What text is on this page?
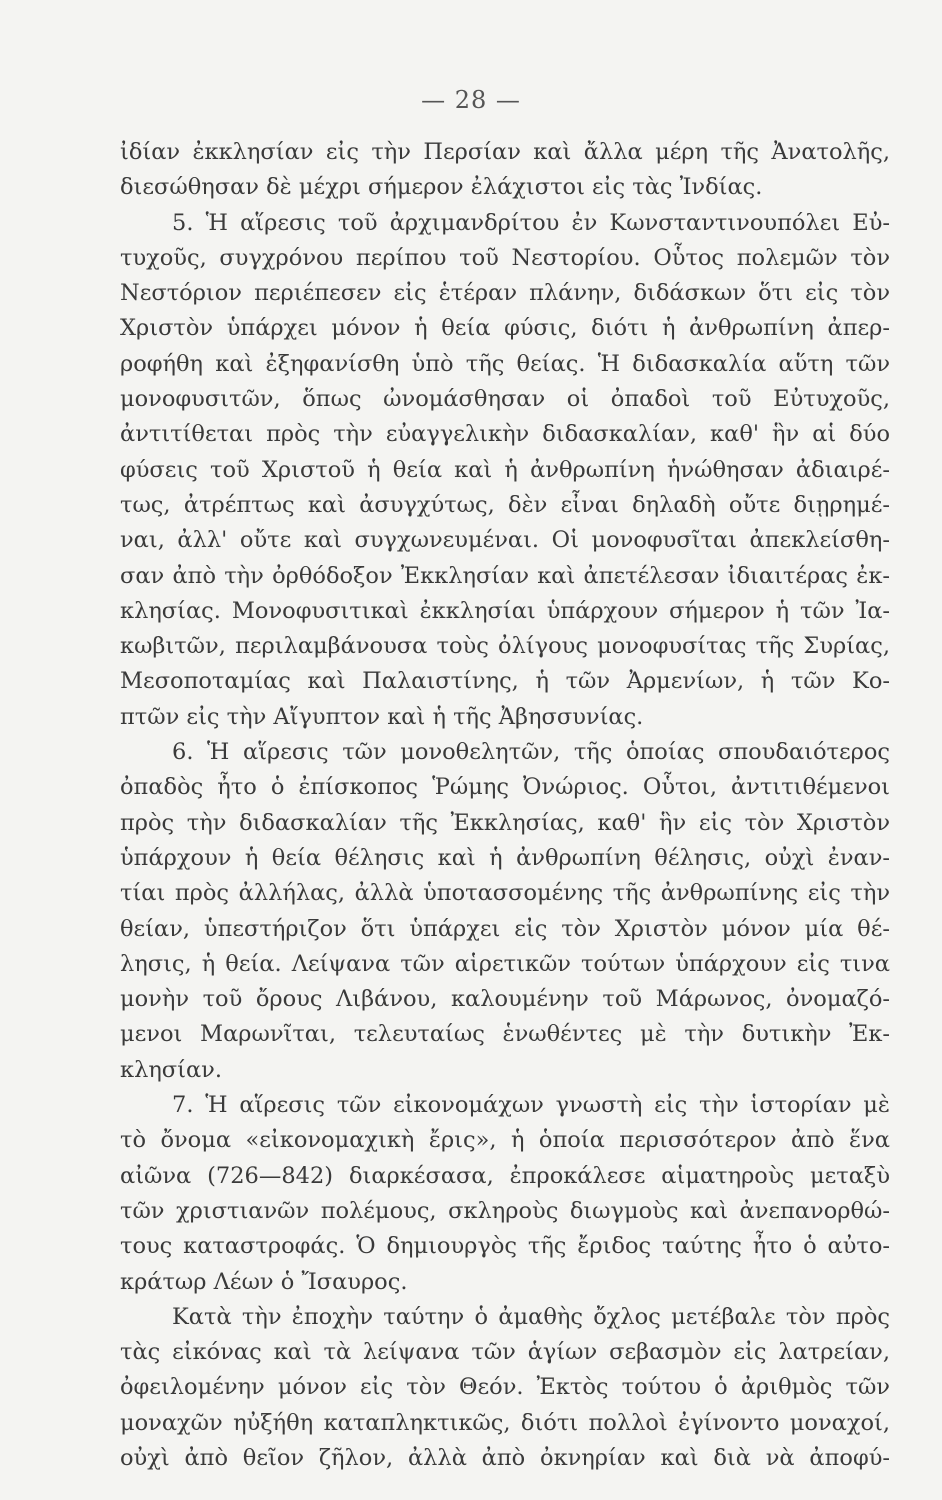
— 28 —
ἰδίαν ἐκκλησίαν εἰς τὴν Περσίαν καὶ ἄλλα μέρη τῆς Ἀνατολῆς,
διεσώθησαν δὲ μέχρι σήμερον ἐλάχιστοι εἰς τὰς Ἰνδίας.
5. Ἡ αἵρεσις τοῦ ἀρχιμανδρίτου ἐν Κωνσταντινουπόλει Εὐ-
τυχοῦς, συγχρόνου περίπου τοῦ Νεστορίου. Οὗτος πολεμῶν τὸν
Νεστόριον περιέπεσεν εἰς ἑτέραν πλάνην, διδάσκων ὅτι εἰς τὸν
Χριστὸν ὑπάρχει μόνον ἡ θεία φύσις, διότι ἡ ἀνθρωπίνη ἀπερ-
ροφήθη καὶ ἐξηφανίσθη ὑπὸ τῆς θείας. Ἡ διδασκαλία αὕτη τῶν
μονοφυσιτῶν, ὅπως ὠνομάσθησαν οἱ ὀπαδοὶ τοῦ Εὐτυχοῦς,
ἀντιτίθεται πρὸς τὴν εὐαγγελικὴν διδασκαλίαν, καθ' ἣν αἱ δύο
φύσεις τοῦ Χριστοῦ ἡ θεία καὶ ἡ ἀνθρωπίνη ἡνώθησαν ἀδιαιρέ-
τως, ἀτρέπτως καὶ ἀσυγχύτως, δὲν εἶναι δηλαδὴ οὔτε διῃρημέ-
ναι, ἀλλ' οὔτε καὶ συγχωνευμέναι. Οἱ μονοφυσῖται ἀπεκλείσθη-
σαν ἀπὸ τὴν ὀρθόδοξον Ἐκκλησίαν καὶ ἀπετέλεσαν ἰδιαιτέρας ἐκ-
κλησίας. Μονοφυσιτικαὶ ἐκκλησίαι ὑπάρχουν σήμερον ἡ τῶν Ἰα-
κωβιτῶν, περιλαμβάνουσα τοὺς ὀλίγους μονοφυσίτας τῆς Συρίας,
Μεσοποταμίας καὶ Παλαιστίνης, ἡ τῶν Ἀρμενίων, ἡ τῶν Κο-
πτῶν εἰς τὴν Αἴγυπτον καὶ ἡ τῆς Ἀβησσυνίας.
6. Ἡ αἵρεσις τῶν μονοθελητῶν, τῆς ὁποίας σπουδαιότερος
ὀπαδὸς ἦτο ὁ ἐπίσκοπος Ῥώμης Ὀνώριος. Οὗτοι, ἀντιτιθέμενοι
πρὸς τὴν διδασκαλίαν τῆς Ἐκκλησίας, καθ' ἣν εἰς τὸν Χριστὸν
ὑπάρχουν ἡ θεία θέλησις καὶ ἡ ἀνθρωπίνη θέλησις, οὐχὶ ἐναν-
τίαι πρὸς ἀλλήλας, ἀλλὰ ὑποτασσομένης τῆς ἀνθρωπίνης εἰς τὴν
θείαν, ὑπεστήριζον ὅτι ὑπάρχει εἰς τὸν Χριστὸν μόνον μία θέ-
λησις, ἡ θεία. Λείψανα τῶν αἱρετικῶν τούτων ὑπάρχουν εἰς τινα
μονὴν τοῦ ὄρους Λιβάνου, καλουμένην τοῦ Μάρωνος, ὀνομαζό-
μενοι Μαρωνῖται, τελευταίως ἑνωθέντες μὲ τὴν δυτικὴν Ἐκ-
κλησίαν.
7. Ἡ αἵρεσις τῶν εἰκονομάχων γνωστὴ εἰς τὴν ἱστορίαν μὲ
τὸ ὄνομα «εἰκονομαχικὴ ἔρις», ἡ ὁποία περισσότερον ἀπὸ ἕνα
αἰῶνα (726—842) διαρκέσασα, ἐπροκάλεσε αἱματηροὺς μεταξὺ
τῶν χριστιανῶν πολέμους, σκληροὺς διωγμοὺς καὶ ἀνεπανορθώ-
τους καταστροφάς. Ὁ δημιουργὸς τῆς ἔριδος ταύτης ἦτο ὁ αὐτο-
κράτωρ Λέων ὁ Ἴσαυρος.
Κατὰ τὴν ἐποχὴν ταύτην ὁ ἀμαθὴς ὄχλος μετέβαλε τὸν πρὸς
τὰς εἰκόνας καὶ τὰ λείψανα τῶν ἁγίων σεβασμὸν εἰς λατρείαν,
ὀφειλομένην μόνον εἰς τὸν Θεόν. Ἐκτὸς τούτου ὁ ἀριθμὸς τῶν
μοναχῶν ηὐξήθη καταπληκτικῶς, διότι πολλοὶ ἐγίνοντο μοναχοί,
οὐχὶ ἀπὸ θεῖον ζῆλον, ἀλλὰ ἀπὸ ὀκνηρίαν καὶ διὰ νὰ ἀποφύ-
